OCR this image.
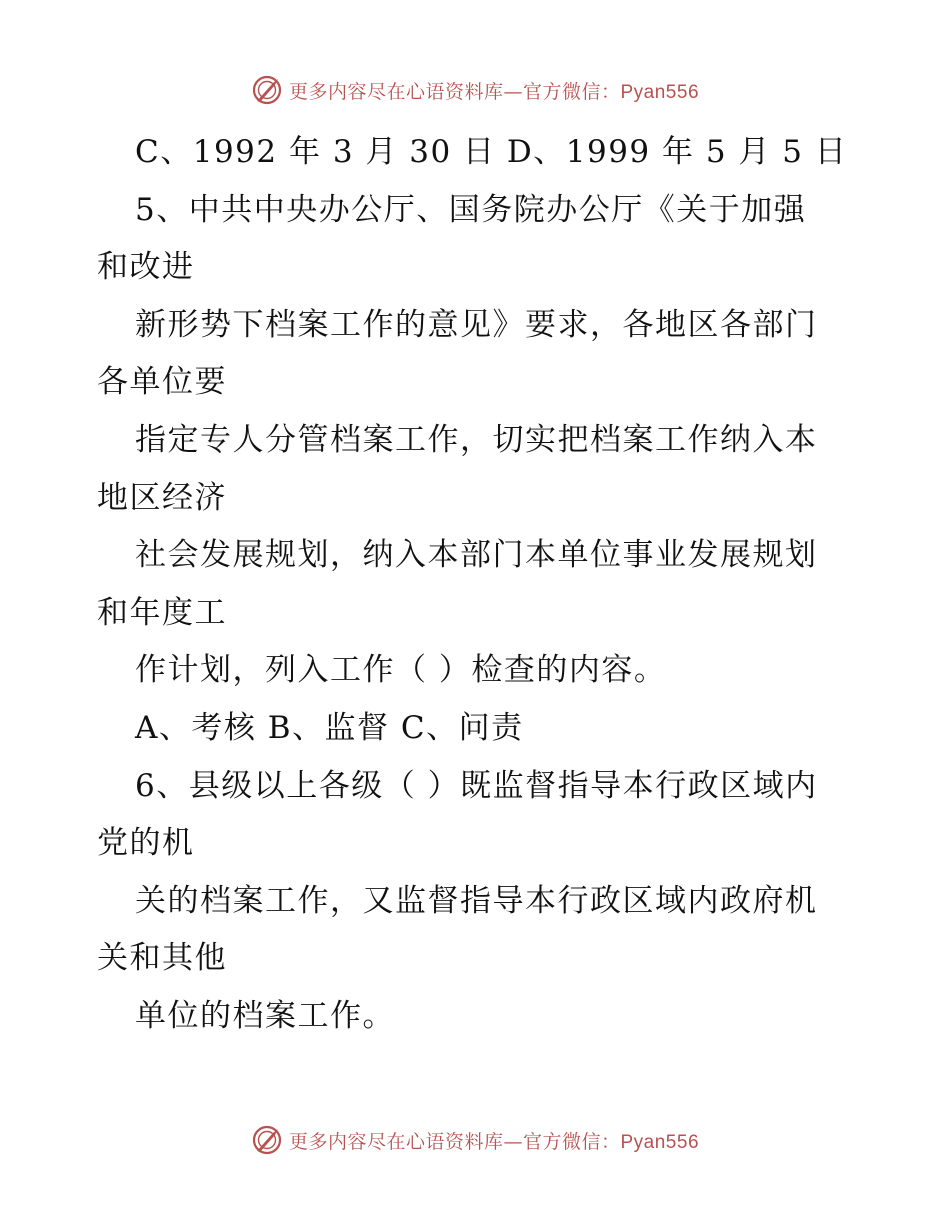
更多内容尽在心语资料库—官方微信：Pyan556
C、1992 年 3 月 30 日 D、1999 年 5 月 5 日
5、中共中央办公厅、国务院办公厅《关于加强
和改进
新形势下档案工作的意见》要求，各地区各部门
各单位要
指定专人分管档案工作，切实把档案工作纳入本
地区经济
社会发展规划，纳入本部门本单位事业发展规划
和年度工
作计划，列入工作（ ）检查的内容。
A、考核 B、监督 C、问责
6、县级以上各级（ ）既监督指导本行政区域内
党的机
关的档案工作，又监督指导本行政区域内政府机
关和其他
单位的档案工作。
更多内容尽在心语资料库—官方微信：Pyan556
